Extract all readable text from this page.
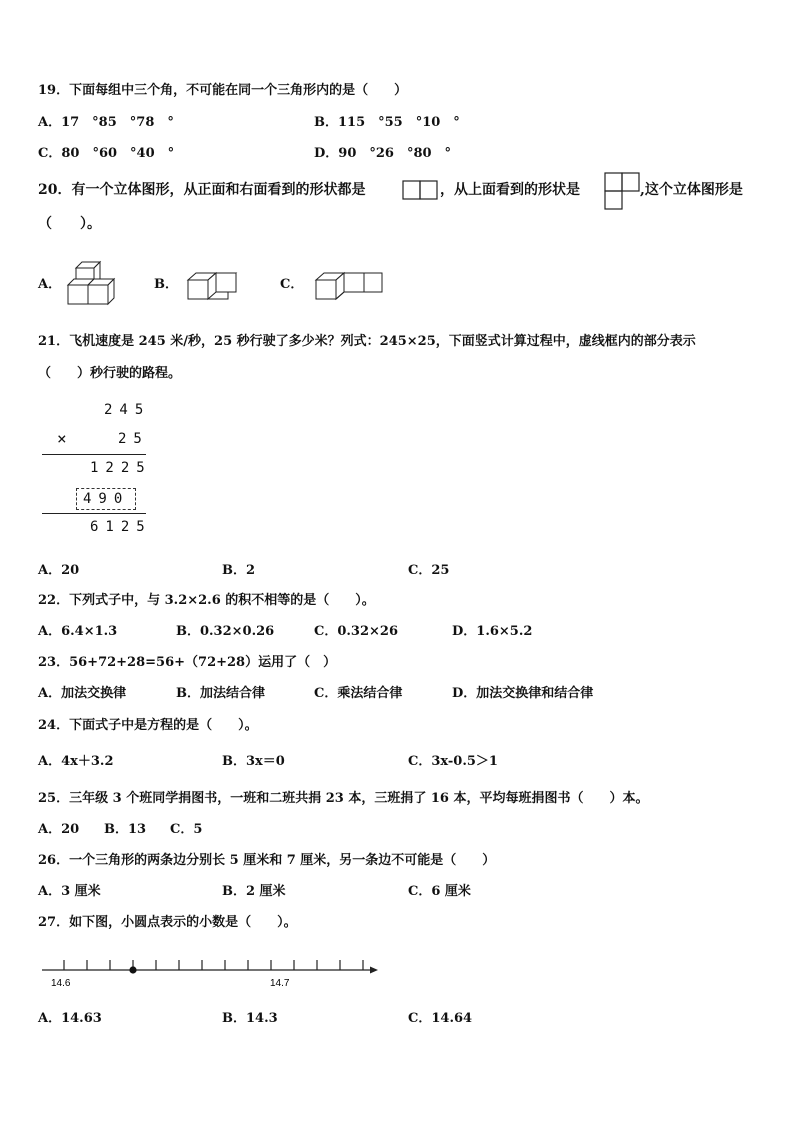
19．下面每组中三个角，不可能在同一个三角形内的是（　　）
A．17　°85　°78　°	B．115　°55　°10　°
C．80　°60　°40　°	D．90　°26　°80　°
20．有一个立体图形，从正面和右面看到的形状都是	，从上面看到的形状是	,这个立体图形是
（　　）。
A．	B．	C．
21．飞机速度是 245 米/秒，25 秒行驶了多少米？列式：245×25，下面竖式计算过程中，虚线框内的部分表示
（　　）秒行驶的路程。
245
×	25
1225
490
6125
A．20	B．2	C．25
22．下列式子中，与 3.2×2.6 的积不相等的是（　　）。
A．6.4×1.3	B．0.32×0.26	C．0.32×26	D．1.6×5.2
23．56+72+28=56+（72+28）运用了（　）
A．加法交换律	B．加法结合律	C．乘法结合律	D．加法交换律和结合律
24．下面式子中是方程的是（　　）。
A．4x＋3.2	B．3x＝0	C．3x-0.5＞1
25．三年级 3 个班同学捐图书，一班和二班共捐 23 本，三班捐了 16 本，平均每班捐图书（　　）本。
A．20 B．13 C．5
26．一个三角形的两条边分别长 5 厘米和 7 厘米，另一条边不可能是（　　）
A．3 厘米	B．2 厘米	C．6 厘米
27．如下图，小圆点表示的小数是（　　）。
14.6	14.7
A．14.63	B．14.3	C．14.64
